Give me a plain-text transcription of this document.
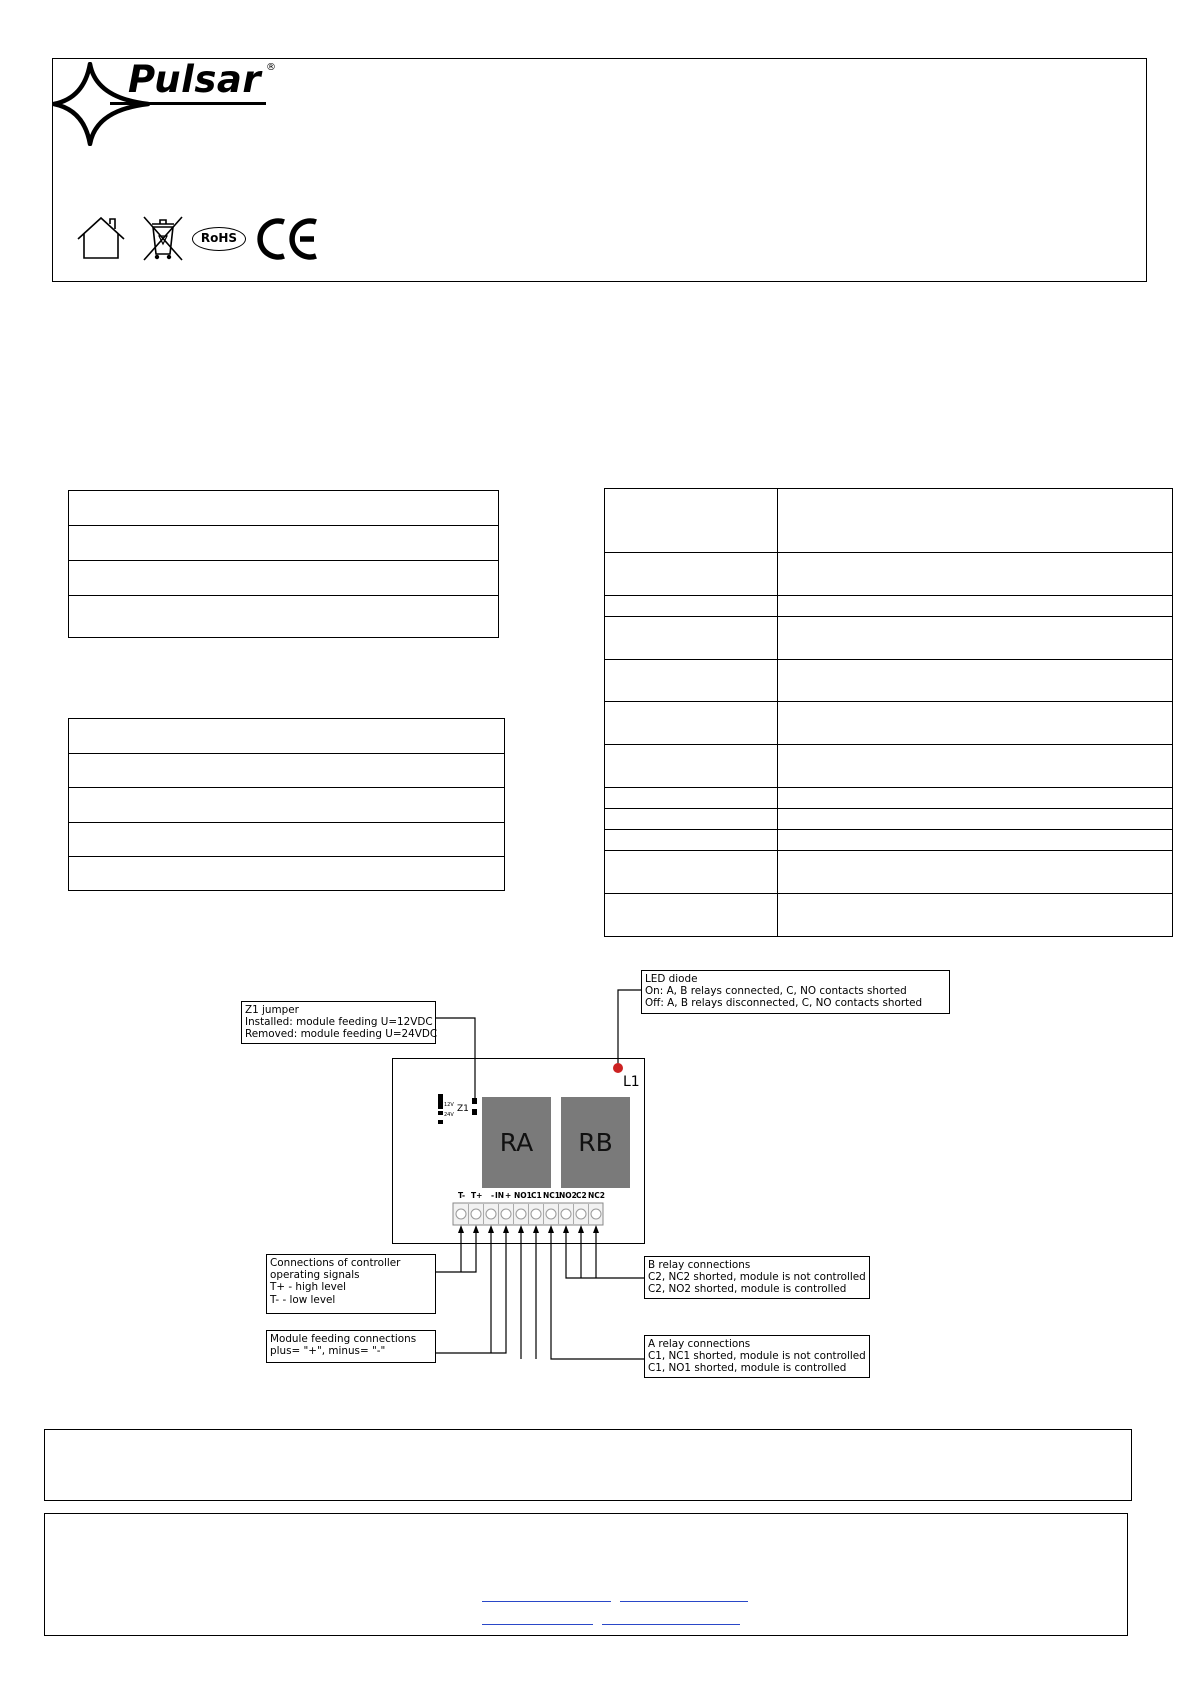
Pulsar ®
RoHS

L1
12V
24V
Z1
RA	RB
T- T+ - IN + NO1 C1 NC1 NO2 C2 NC2
Z1 jumper
Installed: module feeding U=12VDC
Removed: module feeding U=24VDC
LED diode
On: A, B relays connected, C, NO contacts shorted
Off: A, B relays disconnected, C, NO contacts shorted
Connections of controller
operating signals
T+ - high level
T- - low level
Module feeding connections
plus= "+", minus= "-"
B relay connections
C2, NC2 shorted, module is not controlled
C2, NO2 shorted, module is controlled
A relay connections
C1, NC1 shorted, module is not controlled
C1, NO1 shorted, module is controlled
